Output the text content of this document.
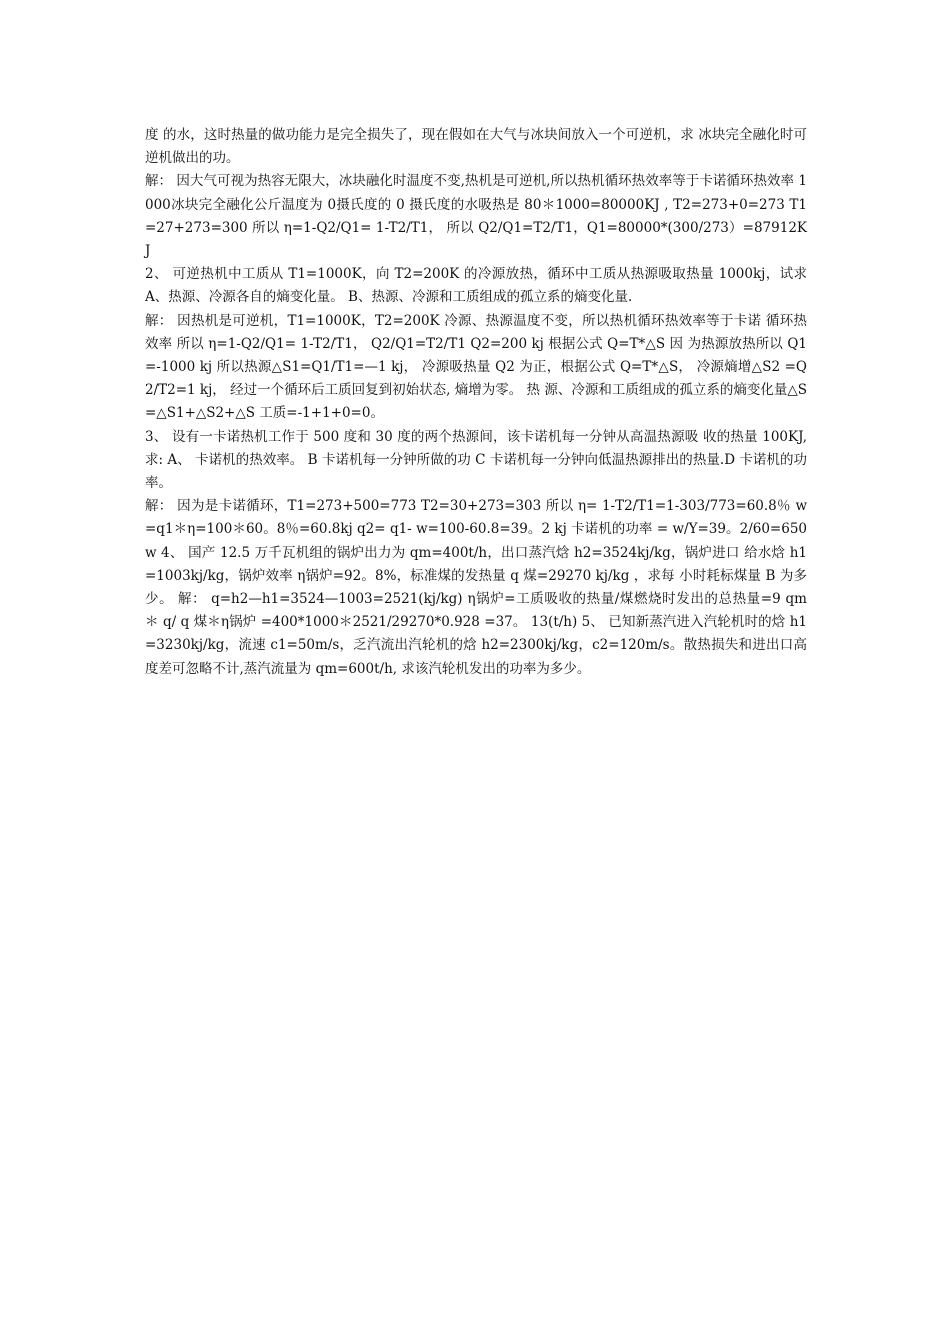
度 的水，这时热量的做功能力是完全损失了，现在假如在大气与冰块间放入一个可逆机，求 冰块完全融化时可逆机做出的功。

解： 因大气可视为热容无限大，冰块融化时温度不变,热机是可逆机,所以热机循环热效率等于卡诺循环热效率 1000冰块完全融化公斤温度为 0摄氏度的 0 摄氏度的水吸热是 80＊1000=80000KJ , T2=273+0=273 T1=27+273=300 所以 η=1-Q2/Q1= 1-T2/T1， 所以 Q2/Q1=T2/T1，Q1=80000*(300/273）=87912KJ

2、 可逆热机中工质从 T1=1000K，向 T2=200K 的冷源放热，循环中工质从热源吸取热量 1000kj，试求 A、热源、冷源各自的熵变化量。 B、热源、冷源和工质组成的孤立系的熵变化量.

解： 因热机是可逆机，T1=1000K，T2=200K 冷源、热源温度不变，所以热机循环热效率等于卡诺 循环热效率 所以 η=1-Q2/Q1= 1-T2/T1， Q2/Q1=T2/T1 Q2=200 kj 根据公式 Q=T*△S 因 为热源放热所以 Q1=-1000 kj 所以热源△S1=Q1/T1=—1 kj， 冷源吸热量 Q2 为正，根据公式 Q=T*△S， 冷源熵增△S2 =Q2/T2=1 kj， 经过一个循环后工质回复到初始状态, 熵增为零。 热 源、冷源和工质组成的孤立系的熵变化量△S=△S1+△S2+△S 工质=-1+1+0=0。

3、 设有一卡诺热机工作于 500 度和 30 度的两个热源间，该卡诺机每一分钟从高温热源吸 收的热量 100KJ,求: A、 卡诺机的热效率。 B 卡诺机每一分钟所做的功 C 卡诺机每一分钟向低温热源排出的热量.D 卡诺机的功率。

解： 因为是卡诺循环，T1=273+500=773 T2=30+273=303 所以 η= 1-T2/T1=1-303/773=60.8％ w=q1＊η=100＊60。8％=60.8kj q2= q1- w=100-60.8=39。2 kj 卡诺机的功率 = w/Y=39。2/60=650w 4、 国产 12.5 万千瓦机组的锅炉出力为 qm=400t/h，出口蒸汽焓 h2=3524kj/kg，锅炉进口 给水焓 h1=1003kj/kg，锅炉效率 η锅炉=92。8%，标准煤的发热量 q 煤=29270 kj/kg ，求每 小时耗标煤量 B 为多少。 解： q=h2—h1=3524—1003=2521(kj/kg) η锅炉=工质吸收的热量/煤燃烧时发出的总热量=9 qm ＊ q/ q 煤＊η锅炉 =400*1000＊2521/29270*0.928 =37。 13(t/h) 5、 已知新蒸汽进入汽轮机时的焓 h1=3230kj/kg，流速 c1=50m/s，乏汽流出汽轮机的焓 h2=2300kj/kg，c2=120m/s。散热损失和进出口高度差可忽略不计,蒸汽流量为 qm=600t/h, 求该汽轮机发出的功率为多少。
